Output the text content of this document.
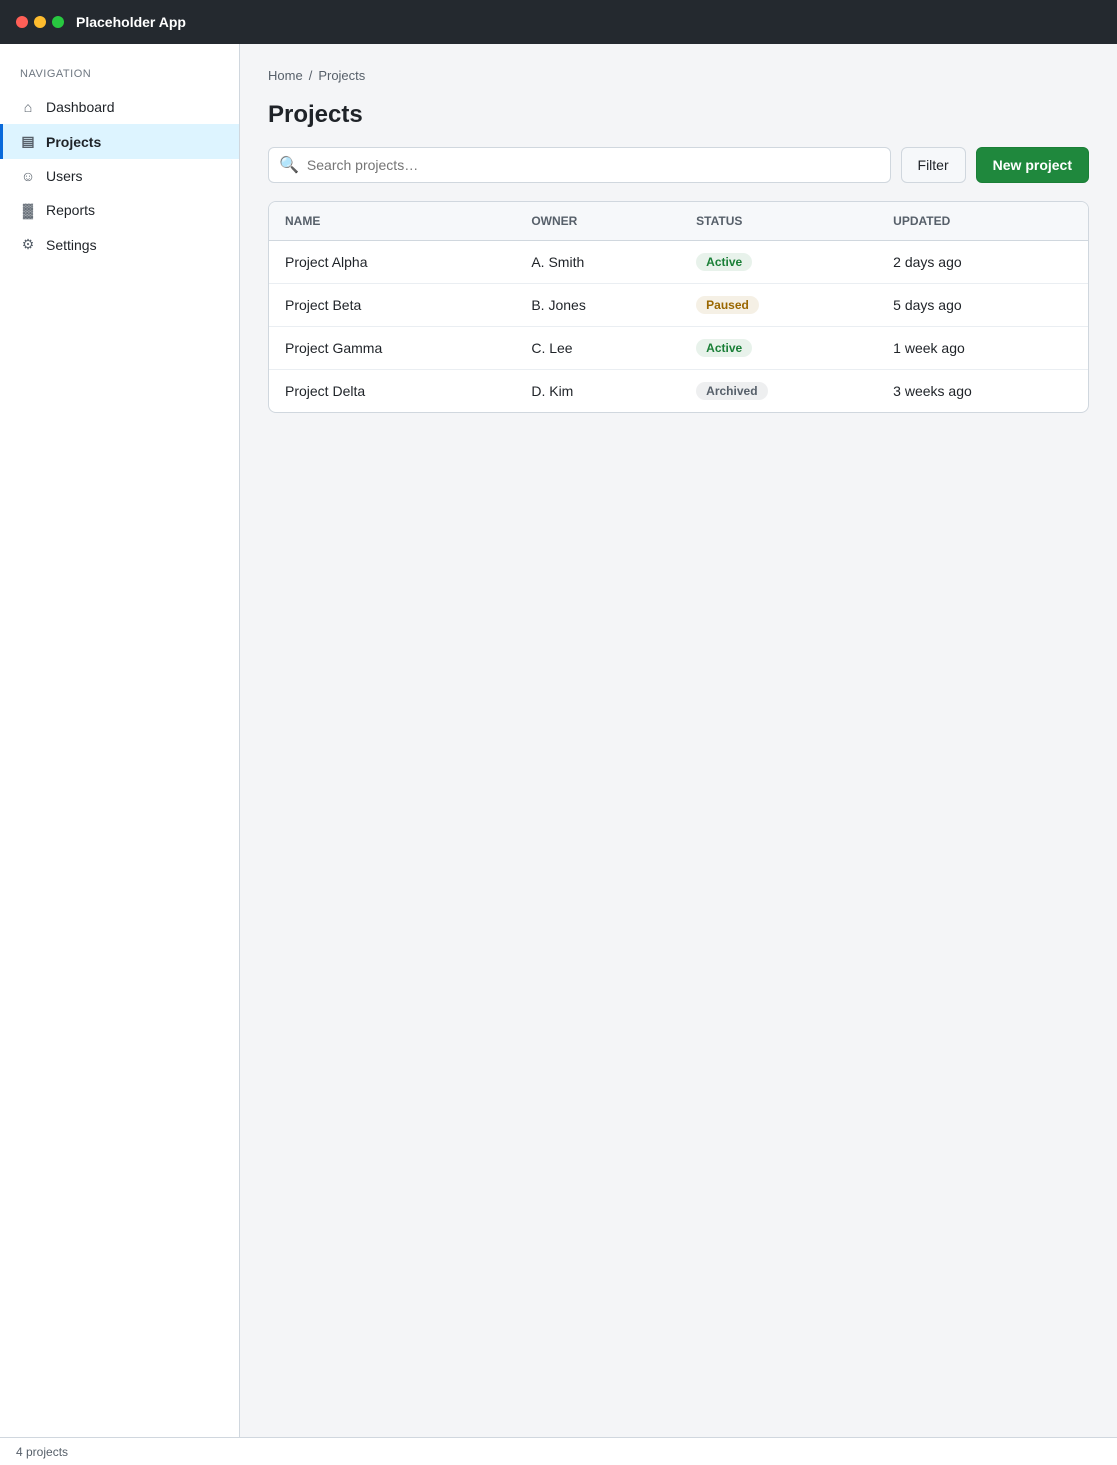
Placeholder App
NAVIGATION
⌂ Dashboard
▤ Projects
☺ Users
▓ Reports
⚙ Settings
Home / Projects
Projects
🔍
Search projects…	Filter	New project
NAME	OWNER	STATUS	UPDATED
Project Alpha	A. Smith	Active	2 days ago
Project Beta	B. Jones	Paused	5 days ago
Project Gamma	C. Lee	Active	1 week ago
Project Delta	D. Kim	Archived	3 weeks ago
4 projects
